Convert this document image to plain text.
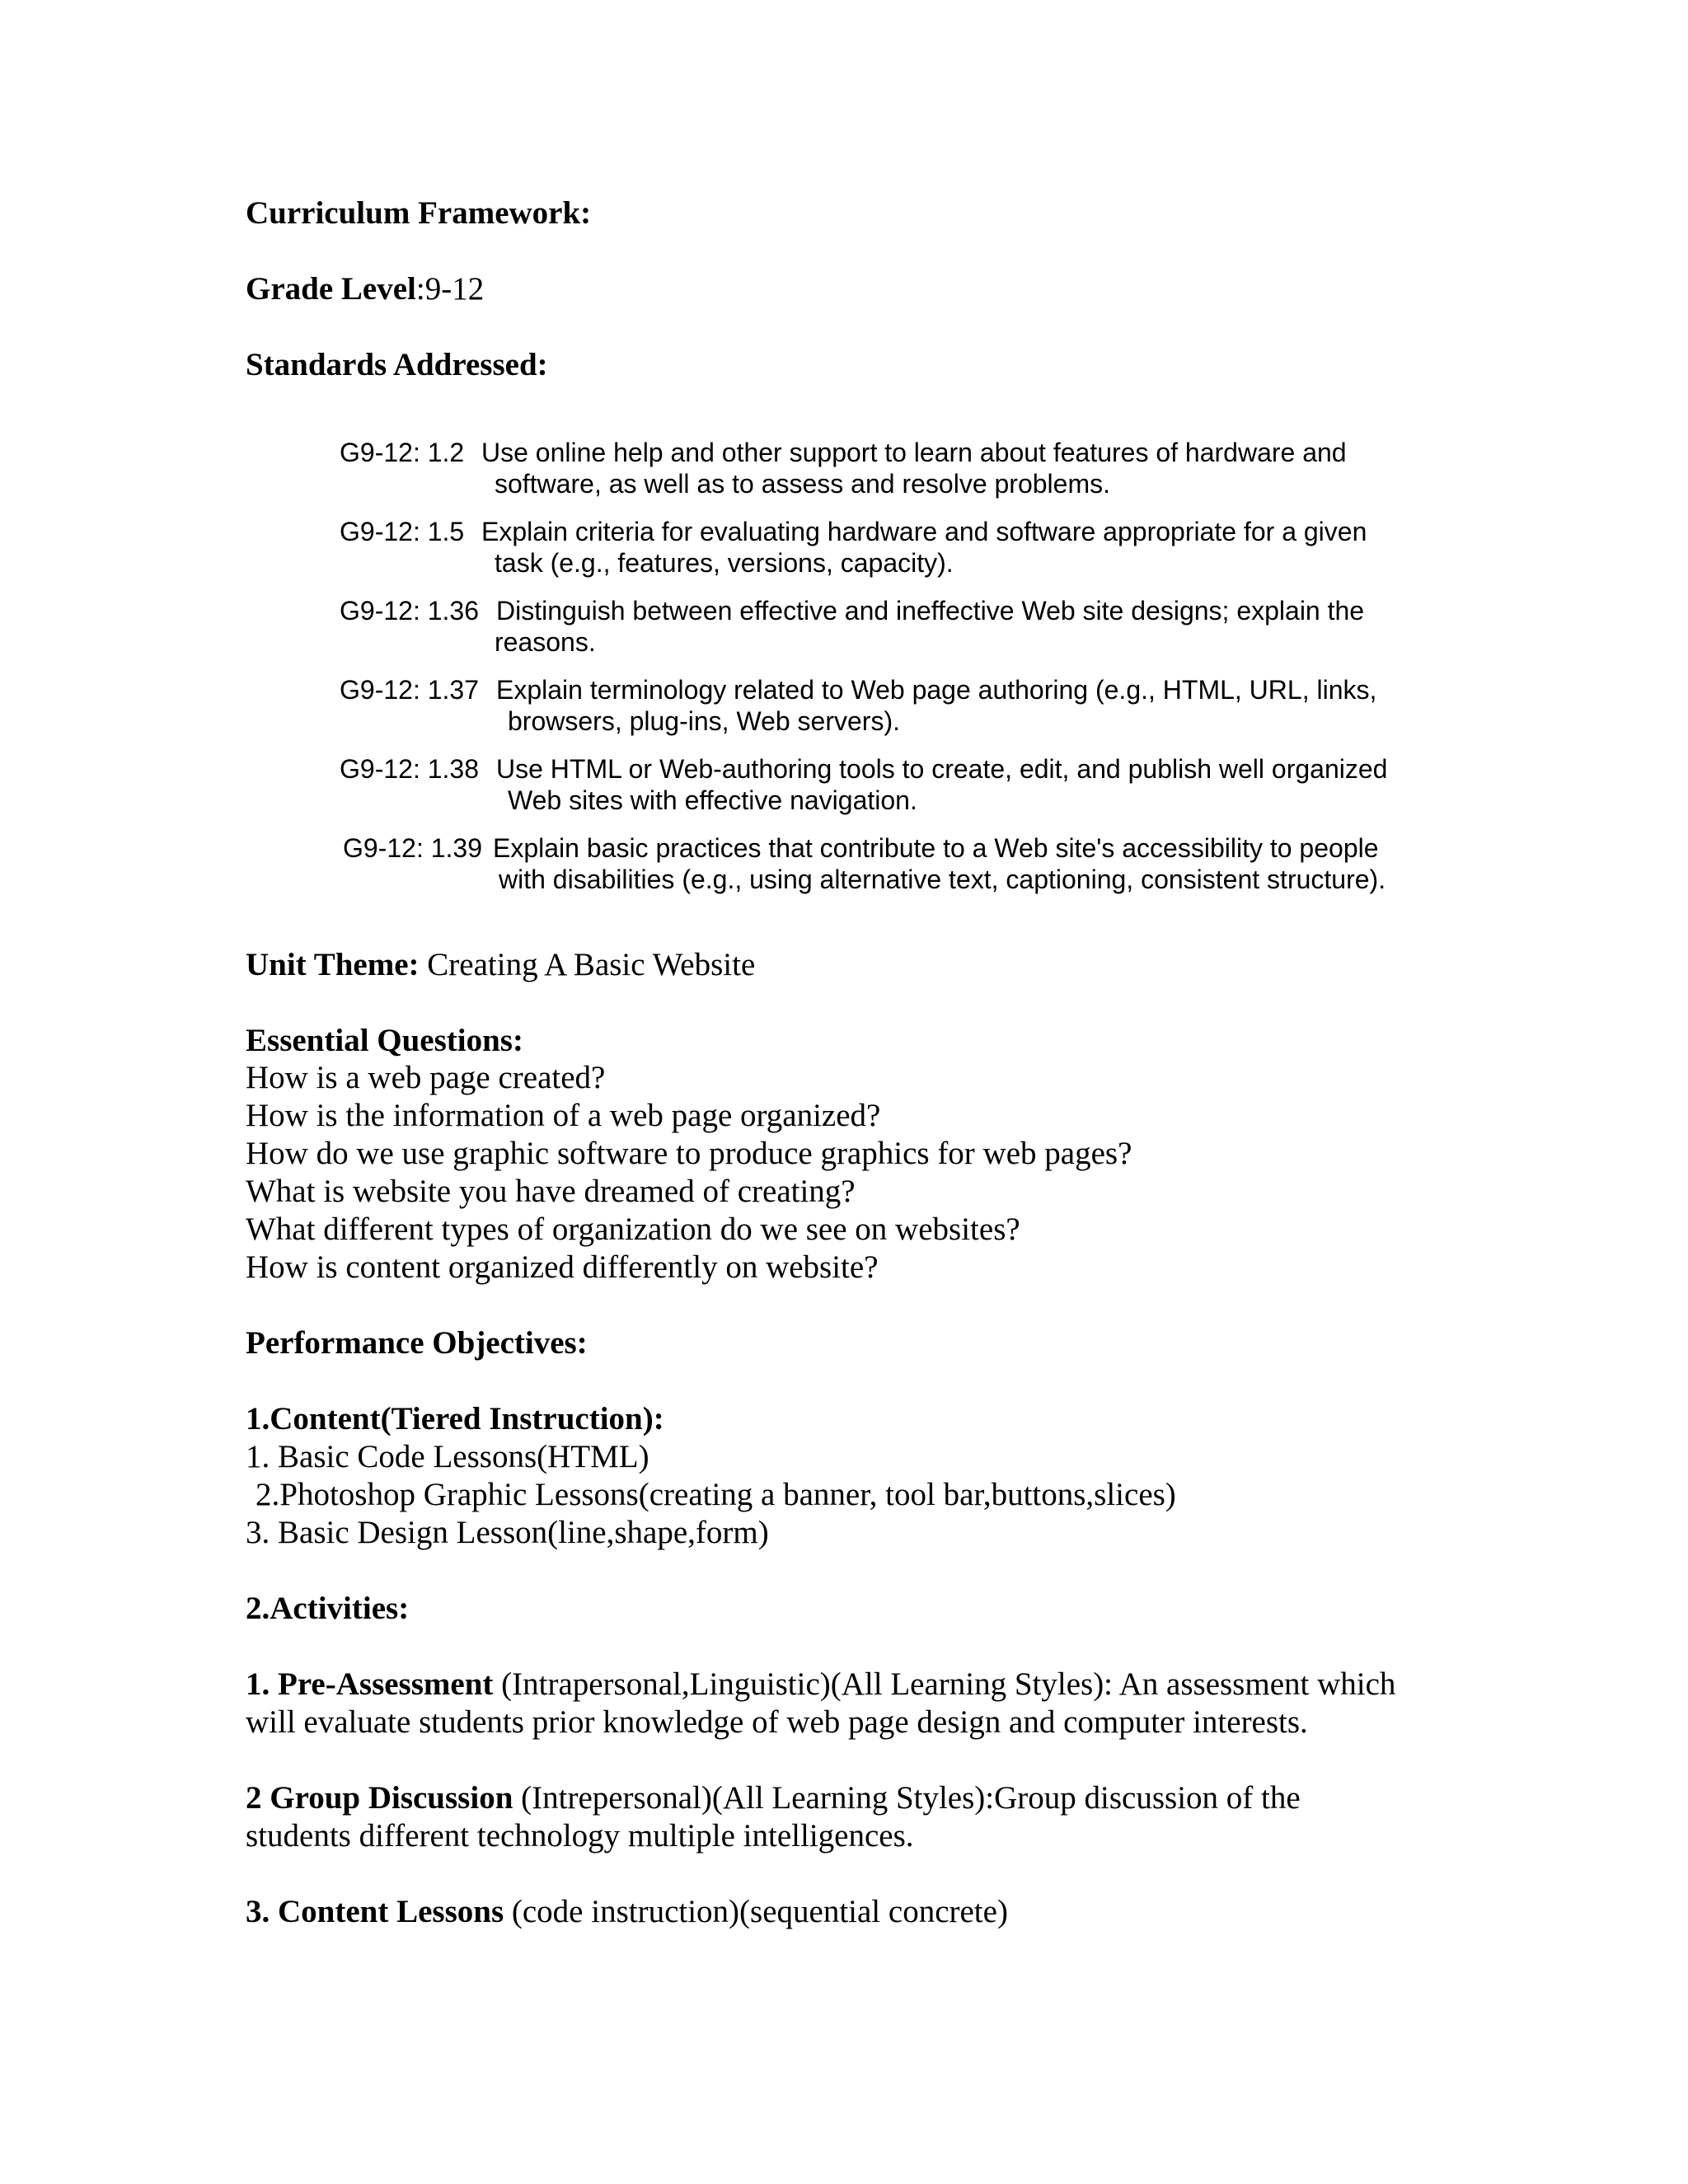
Curriculum Framework:
Grade Level:9-12
Standards Addressed:
G9-12: 1.2 Use online help and other support to learn about features of hardware and
software, as well as to assess and resolve problems.
G9-12: 1.5 Explain criteria for evaluating hardware and software appropriate for a given
task (e.g., features, versions, capacity).
G9-12: 1.36 Distinguish between effective and ineffective Web site designs; explain the
reasons.
G9-12: 1.37 Explain terminology related to Web page authoring (e.g., HTML, URL, links,
browsers, plug-ins, Web servers).
G9-12: 1.38 Use HTML or Web-authoring tools to create, edit, and publish well organized
Web sites with effective navigation.
G9-12: 1.39 Explain basic practices that contribute to a Web site's accessibility to people
with disabilities (e.g., using alternative text, captioning, consistent structure).
Unit Theme: Creating A Basic Website
Essential Questions:
How is a web page created?
How is the information of a web page organized?
How do we use graphic software to produce graphics for web pages?
What is website you have dreamed of creating?
What different types of organization do we see on websites?
How is content organized differently on website?
Performance Objectives:
1.Content(Tiered Instruction):
1. Basic Code Lessons(HTML)
2.Photoshop Graphic Lessons(creating a banner, tool bar,buttons,slices)
3. Basic Design Lesson(line,shape,form)
2.Activities:
1. Pre-Assessment (Intrapersonal,Linguistic)(All Learning Styles): An assessment which
will evaluate students prior knowledge of web page design and computer interests.
2 Group Discussion (Intrepersonal)(All Learning Styles):Group discussion of the
students different technology multiple intelligences.
3. Content Lessons (code instruction)(sequential concrete)
